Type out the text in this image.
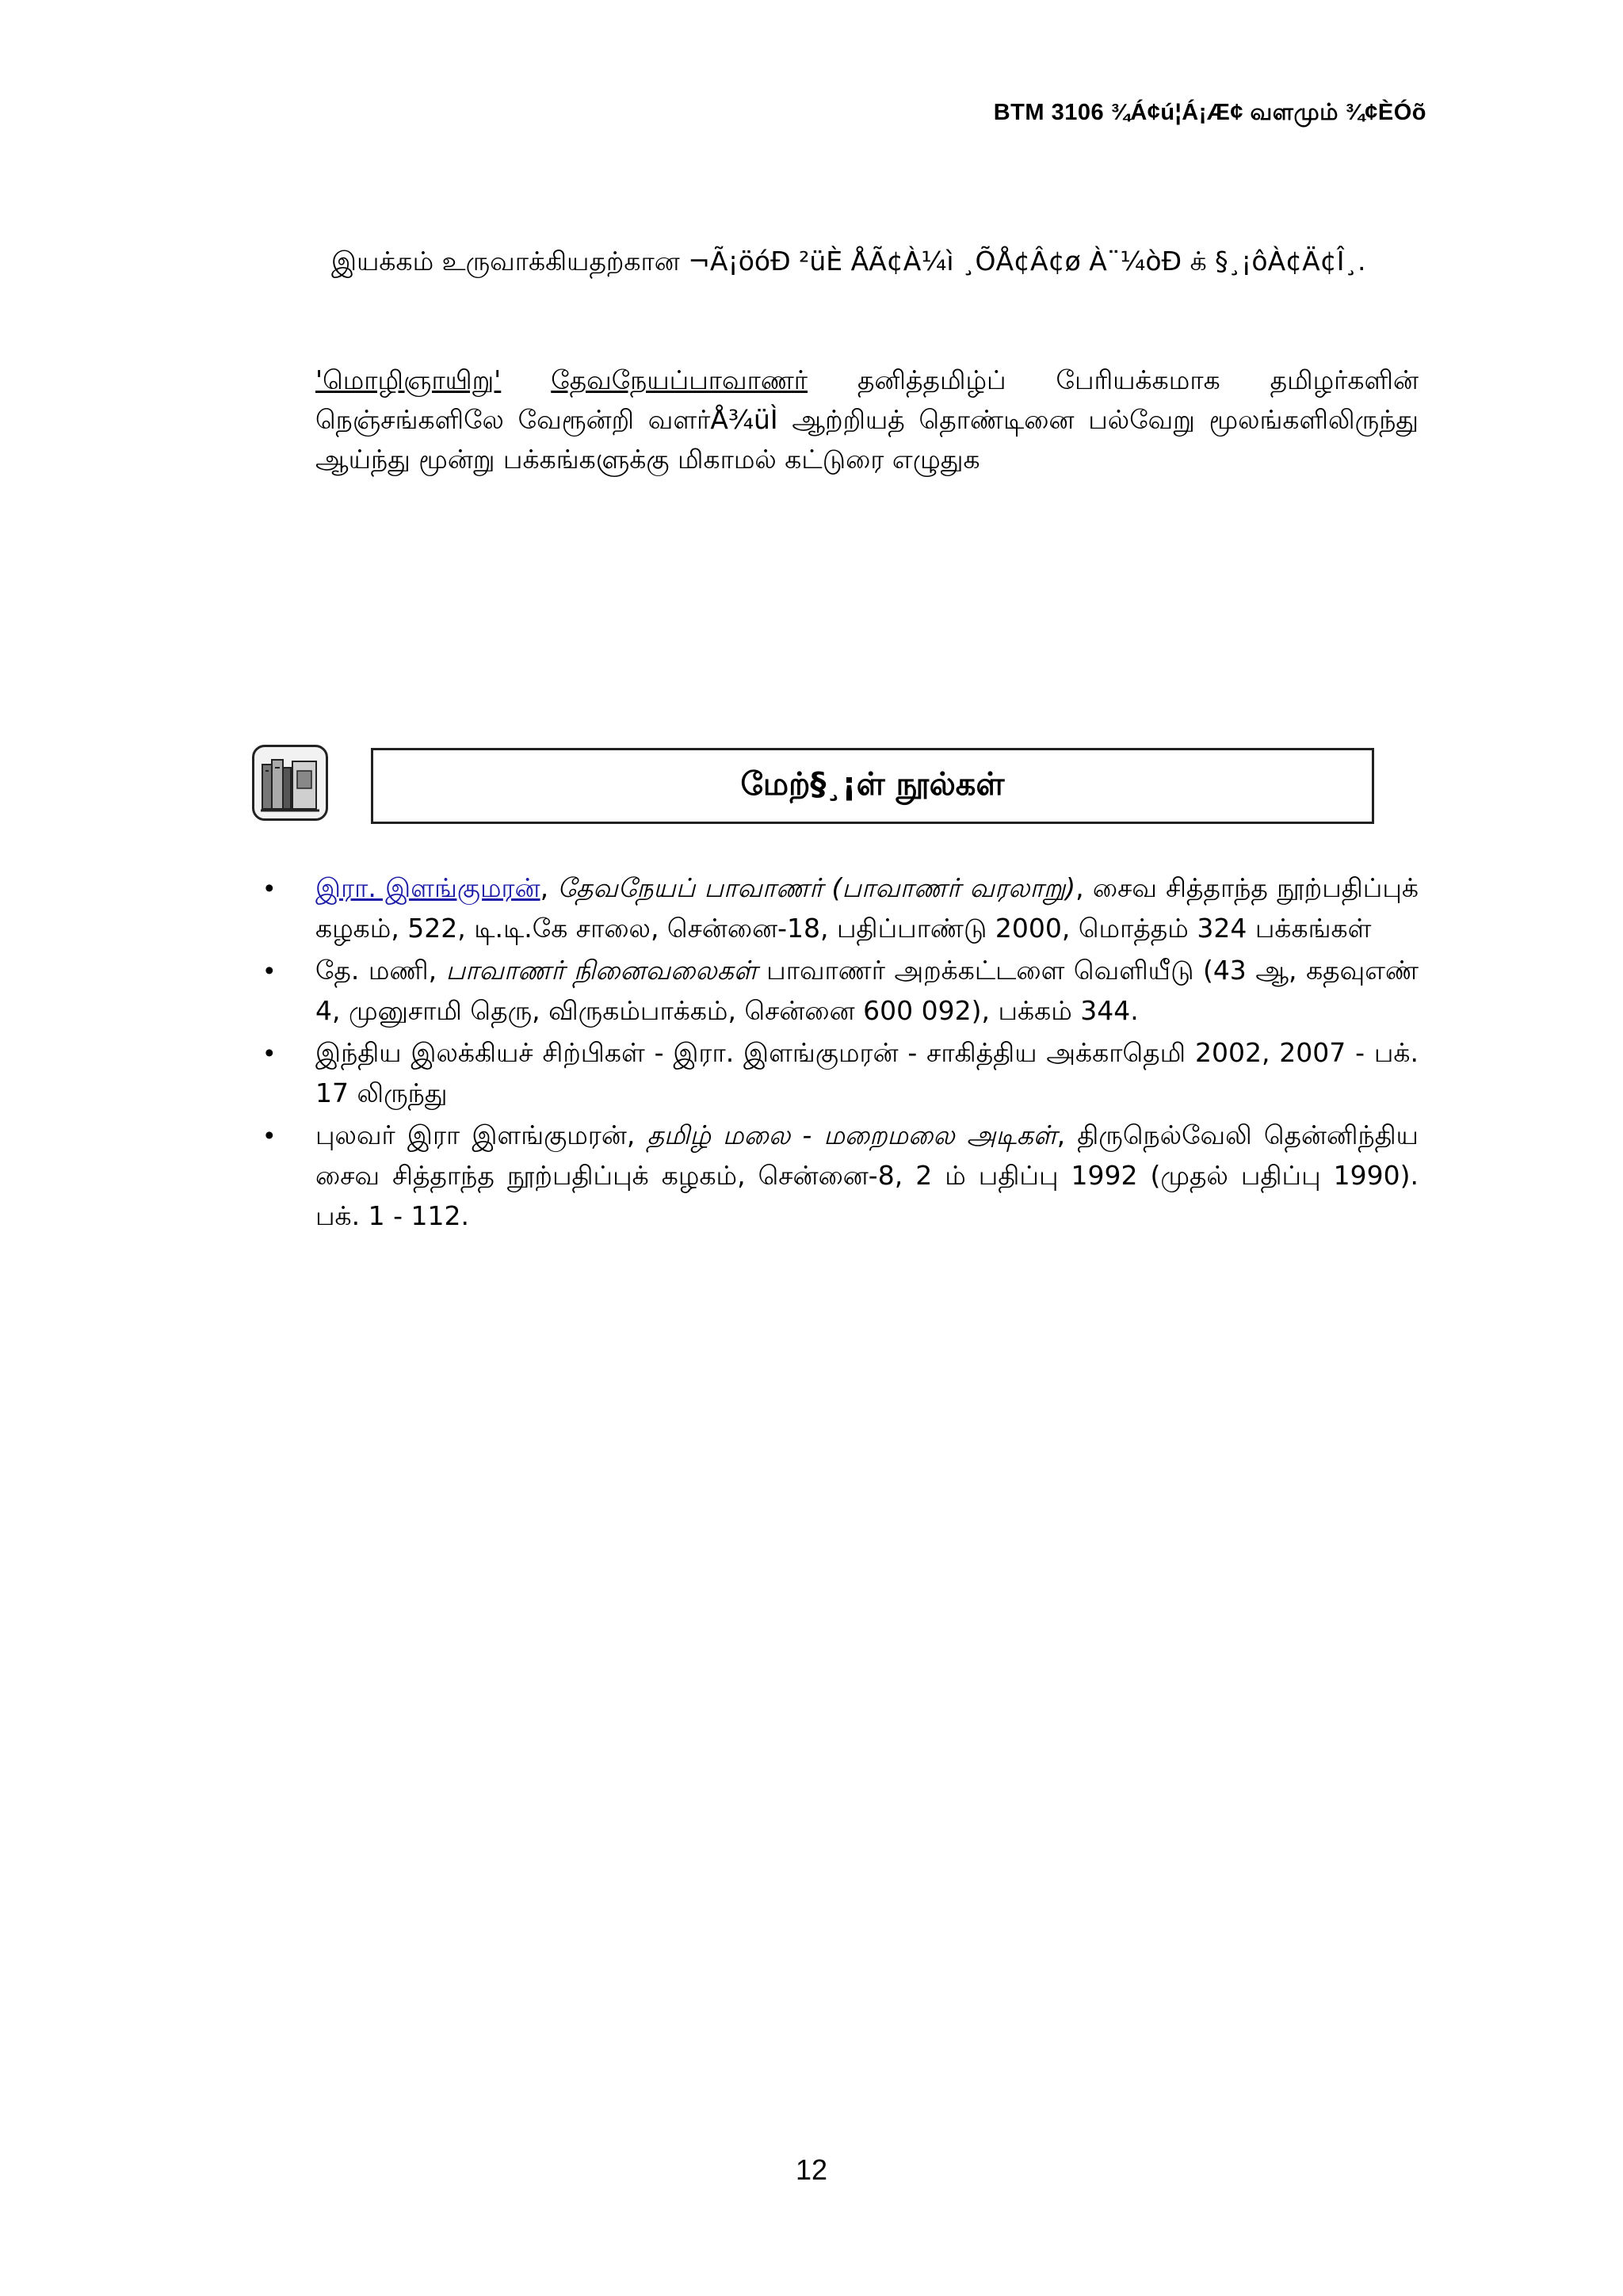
BTM 3106 ¾Á¢ú¦Á¡Æ¢ வளமும் ¾¢ÈÓõ

இயக்கம் உருவாக்கியதற்கான ¬Ã¡öóÐ ²üÈ ÅÃ¢À¼ì ¸ÕÅ¢Â¢ø À¨¼òÐ க் §¸¡ôÀ¢Ä¢Î¸.

'மொழிஞாயிறு' தேவநேயப்பாவாணர் தனித்தமிழ்ப் பேரியக்கமாக தமிழர்களின் நெஞ்சங்களிலே வேரூன்றி வளர்Å¾üÌ ஆற்றியத் தொண்டினை பல்வேறு மூலங்களிலிருந்து ஆய்ந்து மூன்று பக்கங்களுக்கு மிகாமல் கட்டுரை எழுதுக

மேற்§¸¡ள் நூல்கள்
• இரா. இளங்குமரன், தேவநேயப் பாவாணர் (பாவாணர் வரலாறு), சைவ சித்தாந்த நூற்பதிப்புக் கழகம், 522, டி.டி.கே சாலை, சென்னை-18, பதிப்பாண்டு 2000, மொத்தம் 324 பக்கங்கள்
• தே. மணி, பாவாணர் நினைவலைகள் பாவாணர் அறக்கட்டளை வெளியீடு (43 ஆ, கதவுஎண் 4, முனுசாமி தெரு, விருகம்பாக்கம், சென்னை 600 092), பக்கம் 344.
• இந்திய இலக்கியச் சிற்பிகள் - இரா. இளங்குமரன் - சாகித்திய அக்காதெமி 2002, 2007 - பக். 17 லிருந்து
• புலவர் இரா இளங்குமரன், தமிழ் மலை - மறைமலை அடிகள், திருநெல்வேலி தென்னிந்திய சைவ சித்தாந்த நூற்பதிப்புக் கழகம், சென்னை-8, 2 ம் பதிப்பு 1992 (முதல் பதிப்பு 1990). பக். 1 - 112.
12
